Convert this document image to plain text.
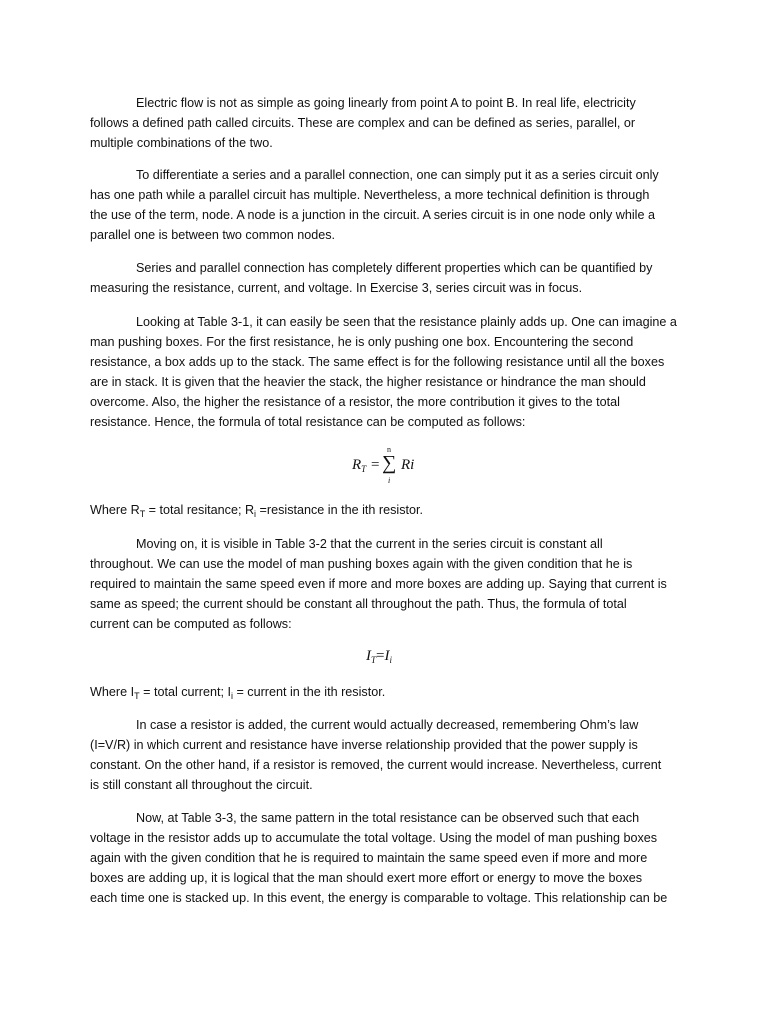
Electric flow is not as simple as going linearly from point A to point B. In real life, electricity
follows a defined path called circuits. These are complex and can be defined as series, parallel, or
multiple combinations of the two.

To differentiate a series and a parallel connection, one can simply put it as a series circuit only
has one path while a parallel circuit has multiple. Nevertheless, a more technical definition is through
the use of the term, node. A node is a junction in the circuit. A series circuit is in one node only while a
parallel one is between two common nodes.

Series and parallel connection has completely different properties which can be quantified by
measuring the resistance, current, and voltage. In Exercise 3, series circuit was in focus.

Looking at Table 3-1, it can easily be seen that the resistance plainly adds up. One can imagine a
man pushing boxes. For the first resistance, he is only pushing one box. Encountering the second
resistance, a box adds up to the stack. The same effect is for the following resistance until all the boxes
are in stack. It is given that the heavier the stack, the higher resistance or hindrance the man should
overcome. Also, the higher the resistance of a resistor, the more contribution it gives to the total
resistance. Hence, the formula of total resistance can be computed as follows:

$R_T$ = ∑
n
i
Ri

Where $R_T$ = total resitance; $R_i$ =resistance in the ith resistor.

Moving on, it is visible in Table 3-2 that the current in the series circuit is constant all
throughout. We can use the model of man pushing boxes again with the given condition that he is
required to maintain the same speed even if more and more boxes are adding up. Saying that current is
same as speed; the current should be constant all throughout the path. Thus, the formula of total
current can be computed as follows:

$I_T=I_i$

Where $I_T$ = total current; $I_i$ = current in the ith resistor.

In case a resistor is added, the current would actually decreased, remembering Ohm’s law
(I=V/R) in which current and resistance have inverse relationship provided that the power supply is
constant. On the other hand, if a resistor is removed, the current would increase. Nevertheless, current
is still constant all throughout the circuit.

Now, at Table 3-3, the same pattern in the total resistance can be observed such that each
voltage in the resistor adds up to accumulate the total voltage. Using the model of man pushing boxes
again with the given condition that he is required to maintain the same speed even if more and more
boxes are adding up, it is logical that the man should exert more effort or energy to move the boxes
each time one is stacked up. In this event, the energy is comparable to voltage. This relationship can be
